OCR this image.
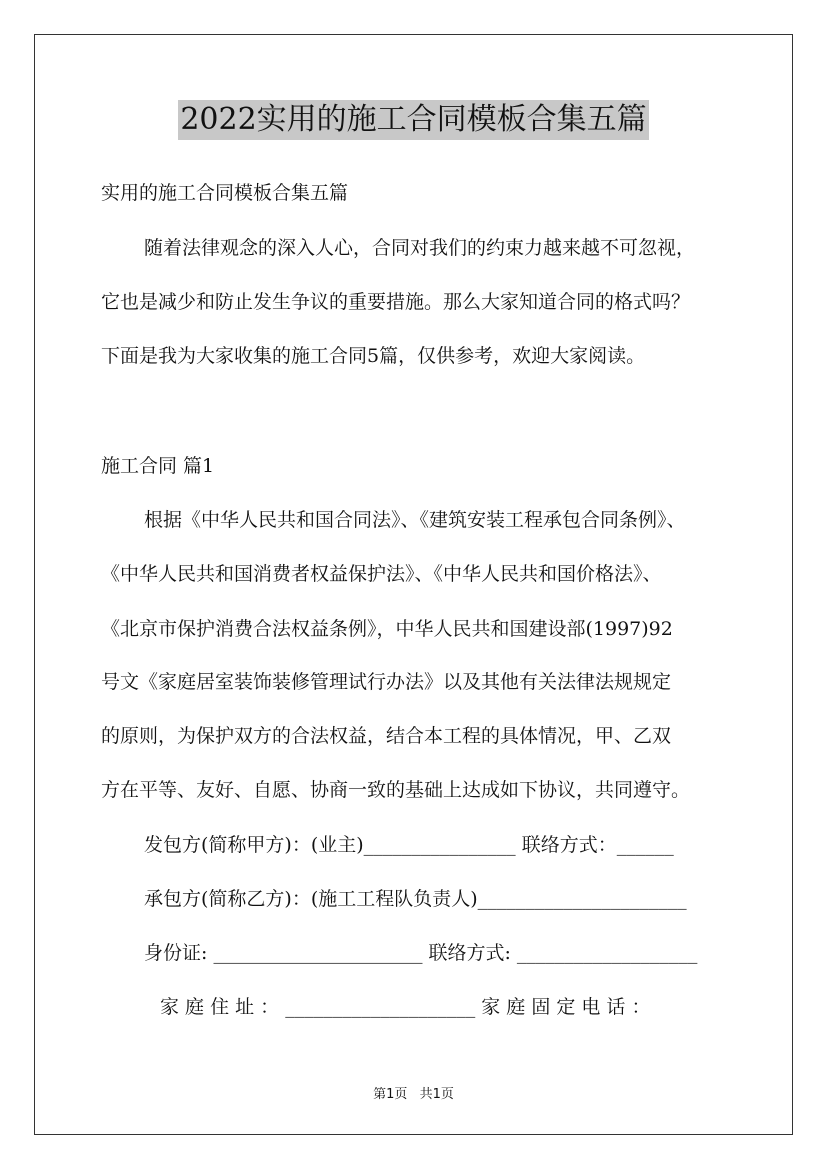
2022实用的施工合同模板合集五篇
实用的施工合同模板合集五篇
随着法律观念的深入人心，合同对我们的约束力越来越不可忽视，
它也是减少和防止发生争议的重要措施。那么大家知道合同的格式吗？
下面是我为大家收集的施工合同5篇，仅供参考，欢迎大家阅读。
施工合同 篇1
根据《中华人民共和国合同法》、《建筑安装工程承包合同条例》、
《中华人民共和国消费者权益保护法》、《中华人民共和国价格法》、
《北京市保护消费合法权益条例》，中华人民共和国建设部(1997)92
号文《家庭居室装饰装修管理试行办法》以及其他有关法律法规规定
的原则，为保护双方的合法权益，结合本工程的具体情况，甲、乙双
方在平等、友好、自愿、协商一致的基础上达成如下协议，共同遵守。
发包方(简称甲方)：(业主)________________ 联络方式：______
承包方(简称乙方)：(施工工程队负责人)______________________
身份证: ______________________ 联络方式: ___________________
家 庭 住 址 ： ____________________ 家 庭 固 定 电 话 ：
第1页 共1页
